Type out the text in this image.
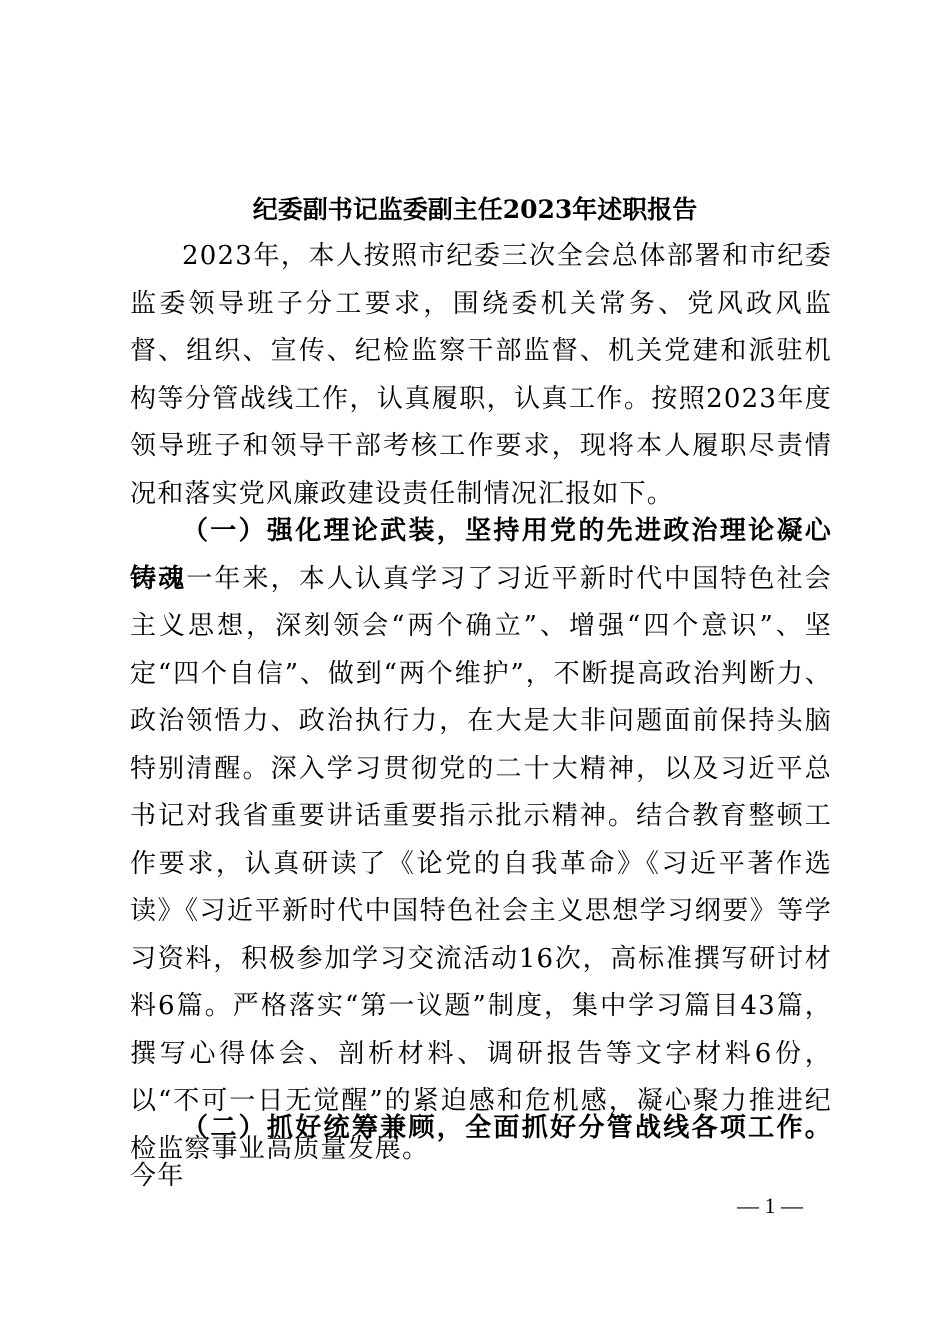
纪委副书记监委副主任2023年述职报告

2023年，本人按照市纪委三次全会总体部署和市纪委监委领导班子分工要求，围绕委机关常务、党风政风监督、组织、宣传、纪检监察干部监督、机关党建和派驻机构等分管战线工作，认真履职，认真工作。按照2023年度领导班子和领导干部考核工作要求，现将本人履职尽责情况和落实党风廉政建设责任制情况汇报如下。

（一）强化理论武装，坚持用党的先进政治理论凝心铸魂一年来，本人认真学习了习近平新时代中国特色社会主义思想，深刻领会“两个确立”、增强“四个意识”、坚定“四个自信”、做到“两个维护”，不断提高政治判断力、政治领悟力、政治执行力，在大是大非问题面前保持头脑特别清醒。深入学习贯彻党的二十大精神，以及习近平总书记对我省重要讲话重要指示批示精神。结合教育整顿工作要求，认真研读了《论党的自我革命》《习近平著作选读》《习近平新时代中国特色社会主义思想学习纲要》等学习资料，积极参加学习交流活动16次，高标准撰写研讨材料6篇。严格落实“第一议题”制度，集中学习篇目43篇，撰写心得体会、剖析材料、调研报告等文字材料6份，以“不可一日无觉醒”的紧迫感和危机感，凝心聚力推进纪检监察事业高质量发展。

（二）抓好统筹兼顾，全面抓好分管战线各项工作。今年

— 1 —
